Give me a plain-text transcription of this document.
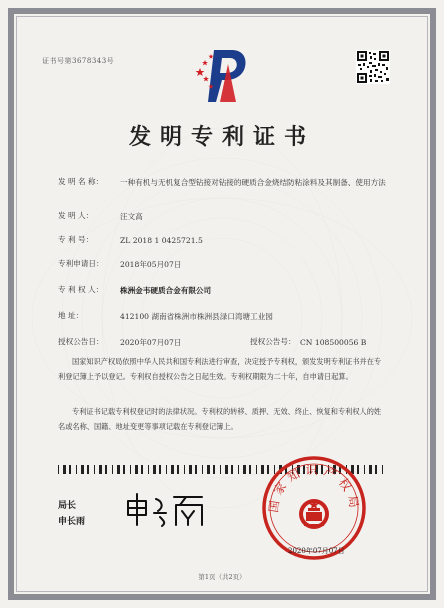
证书号第3678343号
发明专利证书
发 明 名 称： 一种有机与无机复合型钻接对钻接的硬质合金烧结防粘涂料及其制备、使用方法
发 明 人：	汪文高
专 利 号：	ZL 2018 1 0425721.5
专利申请日： 2018年05月07日
专 利 权 人： 株洲金韦硬质合金有限公司
地 址：	412100 湖南省株洲市株洲县渌口湾塘工业园
授权公告日： 2020年07月07日	授权公告号： CN 108500056 B
国家知识产权局依照中华人民共和国专利法进行审查，决定授予专利权，颁发发明专利证书并在专利登记簿上予以登记。专利权自授权公告之日起生效。专利权期限为二十年，自申请日起算。
专利证书记载专利权登记时的法律状况。专利权的转移、质押、无效、终止、恢复和专利权人的姓名或名称、国籍、地址变更等事项记载在专利登记簿上。
局长
申长雨
国家知识产权局
2020年07月07日
第1页（共2页）
